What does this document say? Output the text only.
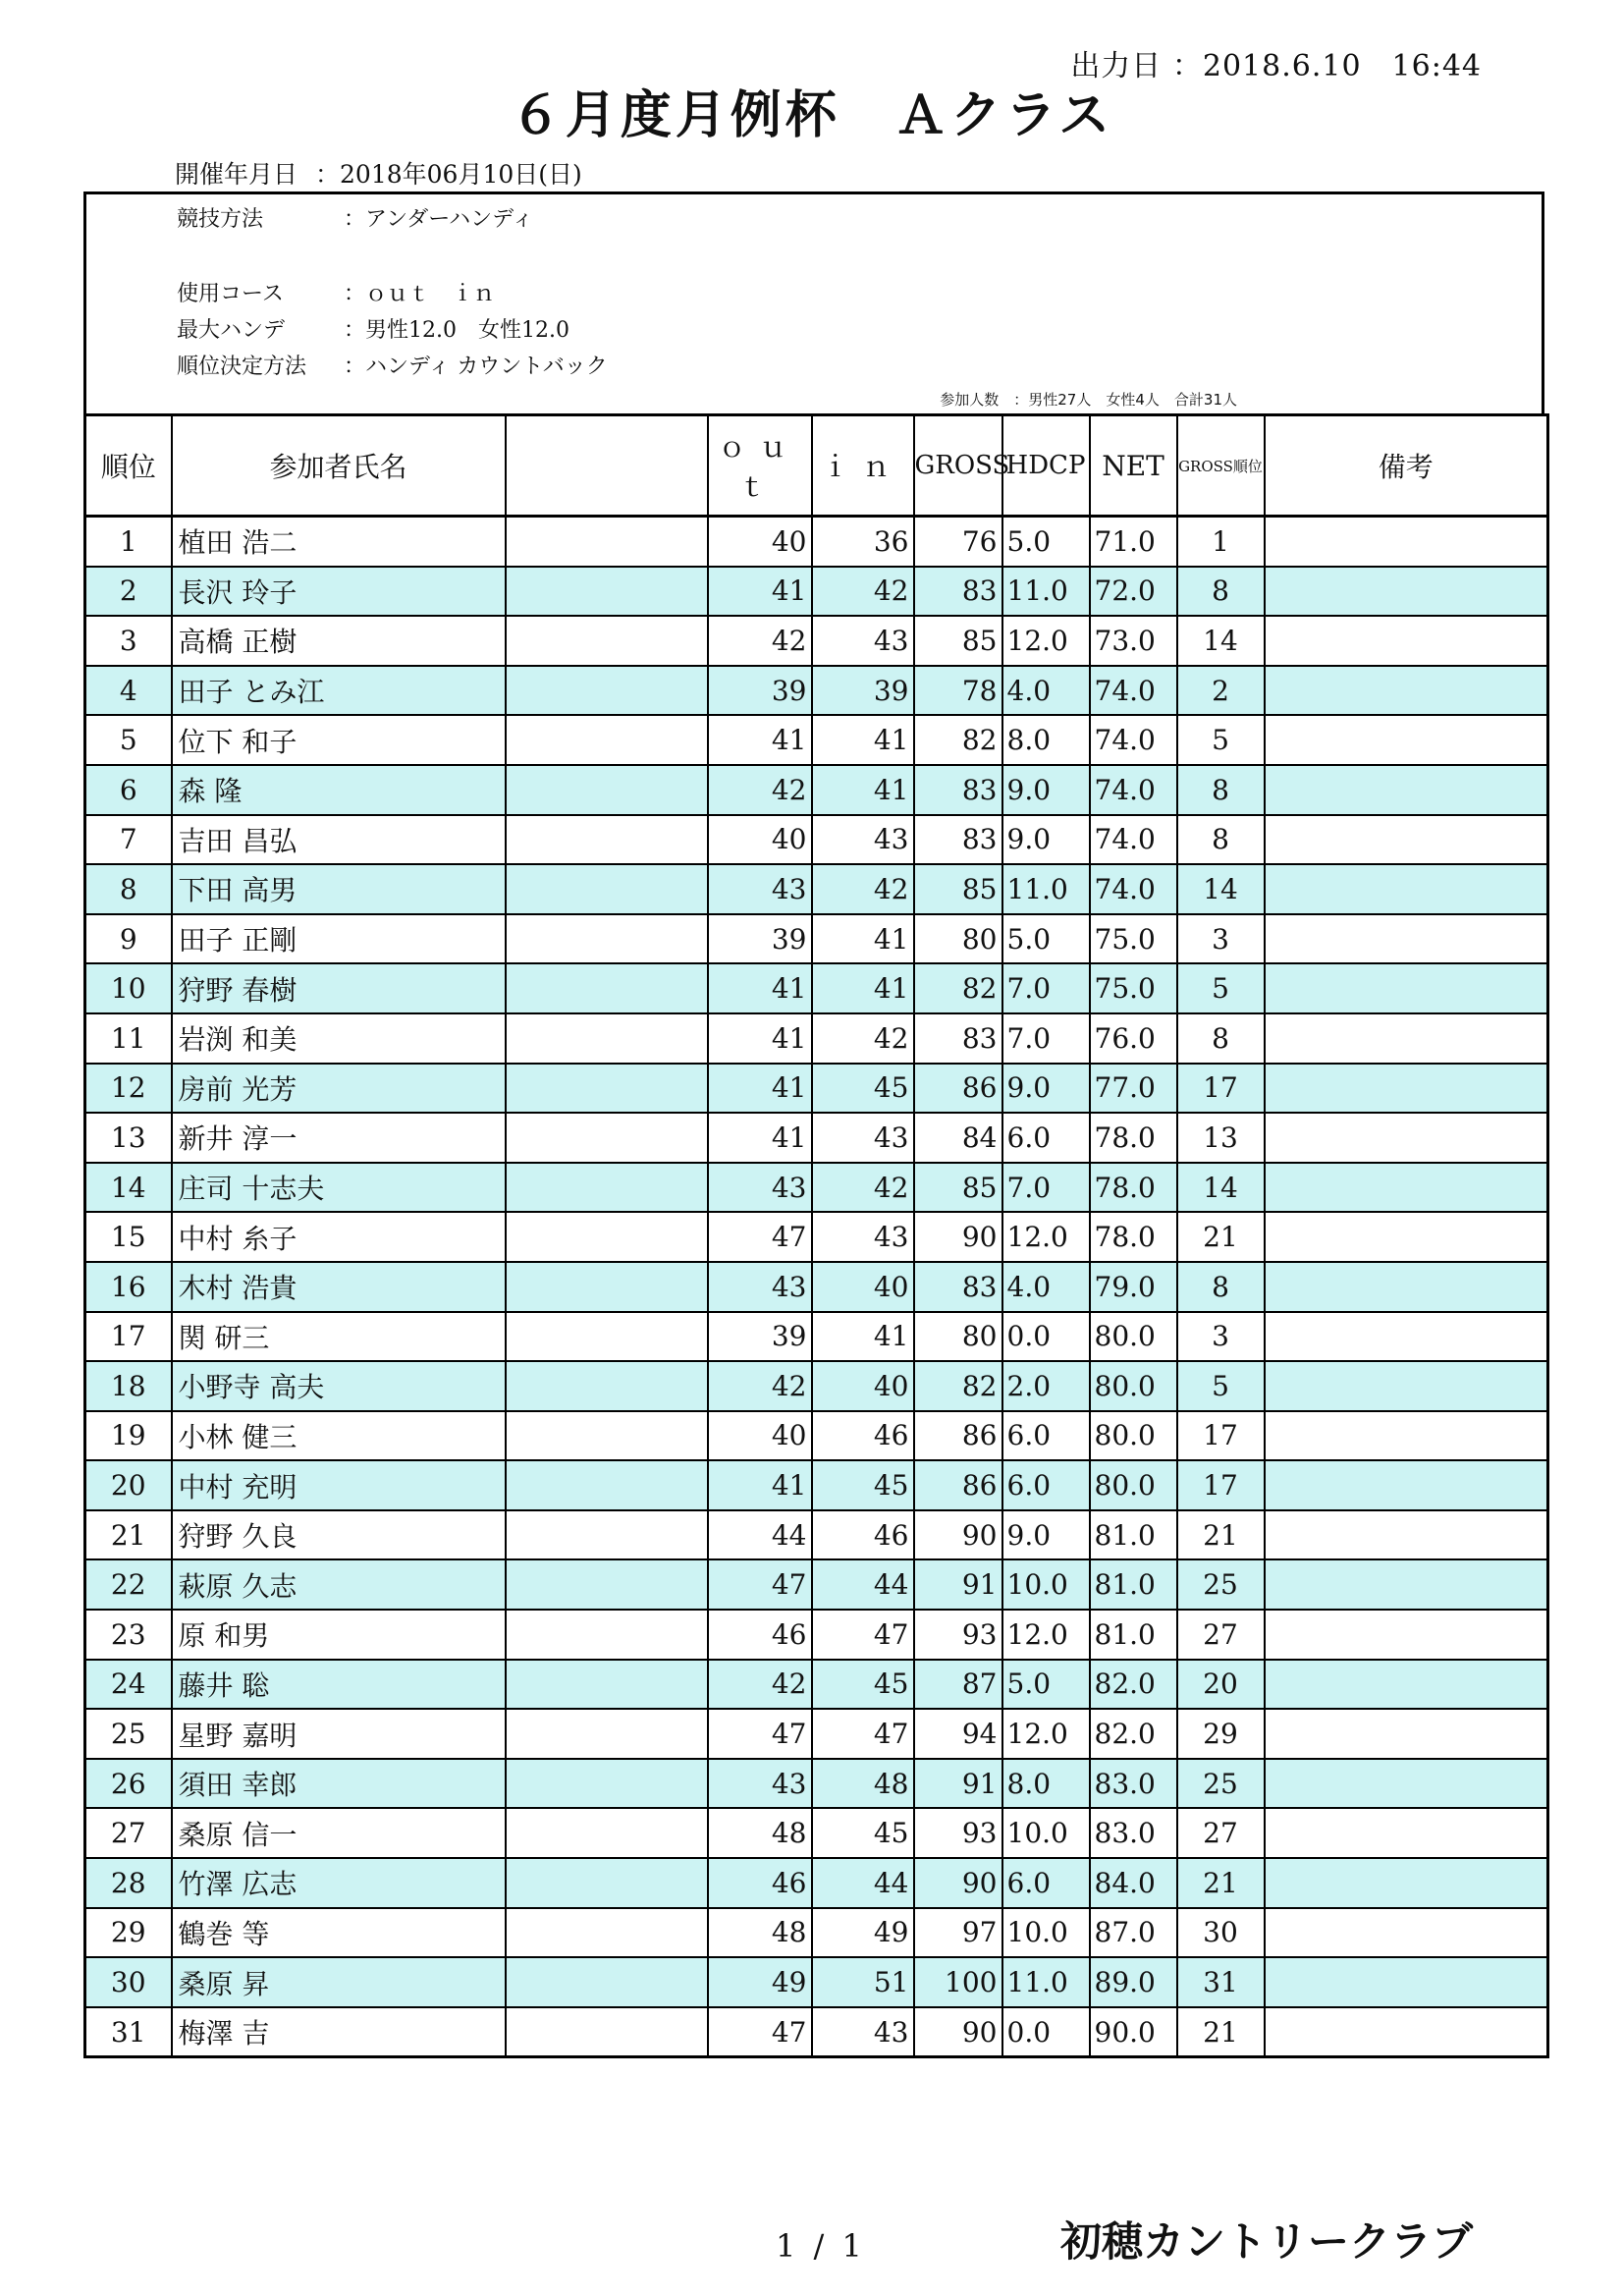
出力日 ：2018.6.10　16:44
６月度月例杯　Ａクラス
開催年月日 ：2018年06月10日(日)
競技方法	：アンダーハンディ
使用コース	：ｏｕｔ　ｉｎ
最大ハンデ	：男性12.0　女性12.0
順位決定方法	：ハンディ カウントバック
参加人数　：男性27人　女性4人　合計31人
順位	参加者氏名		ｏｕｔ	ｉｎ	GROSS	HDCP	NET	GROSS順位	備考
1	植田 浩二		40	36	76	5.0	71.0	1	
2	長沢 玲子		41	42	83	11.0	72.0	8	
3	高橋 正樹		42	43	85	12.0	73.0	14	
4	田子 とみ江		39	39	78	4.0	74.0	2	
5	位下 和子		41	41	82	8.0	74.0	5	
6	森 隆		42	41	83	9.0	74.0	8	
7	吉田 昌弘		40	43	83	9.0	74.0	8	
8	下田 高男		43	42	85	11.0	74.0	14	
9	田子 正剛		39	41	80	5.0	75.0	3	
10	狩野 春樹		41	41	82	7.0	75.0	5	
11	岩渕 和美		41	42	83	7.0	76.0	8	
12	房前 光芳		41	45	86	9.0	77.0	17	
13	新井 淳一		41	43	84	6.0	78.0	13	
14	庄司 十志夫		43	42	85	7.0	78.0	14	
15	中村 糸子		47	43	90	12.0	78.0	21	
16	木村 浩貴		43	40	83	4.0	79.0	8	
17	関 研三		39	41	80	0.0	80.0	3	
18	小野寺 高夫		42	40	82	2.0	80.0	5	
19	小林 健三		40	46	86	6.0	80.0	17	
20	中村 充明		41	45	86	6.0	80.0	17	
21	狩野 久良		44	46	90	9.0	81.0	21	
22	萩原 久志		47	44	91	10.0	81.0	25	
23	原 和男		46	47	93	12.0	81.0	27	
24	藤井 聡		42	45	87	5.0	82.0	20	
25	星野 嘉明		47	47	94	12.0	82.0	29	
26	須田 幸郎		43	48	91	8.0	83.0	25	
27	桑原 信一		48	45	93	10.0	83.0	27	
28	竹澤 広志		46	44	90	6.0	84.0	21	
29	鶴巻 等		48	49	97	10.0	87.0	30	
30	桑原 昇		49	51	100	11.0	89.0	31	
31	梅澤 吉		47	43	90	0.0	90.0	21	
1 / 1	初穂カントリークラブ
